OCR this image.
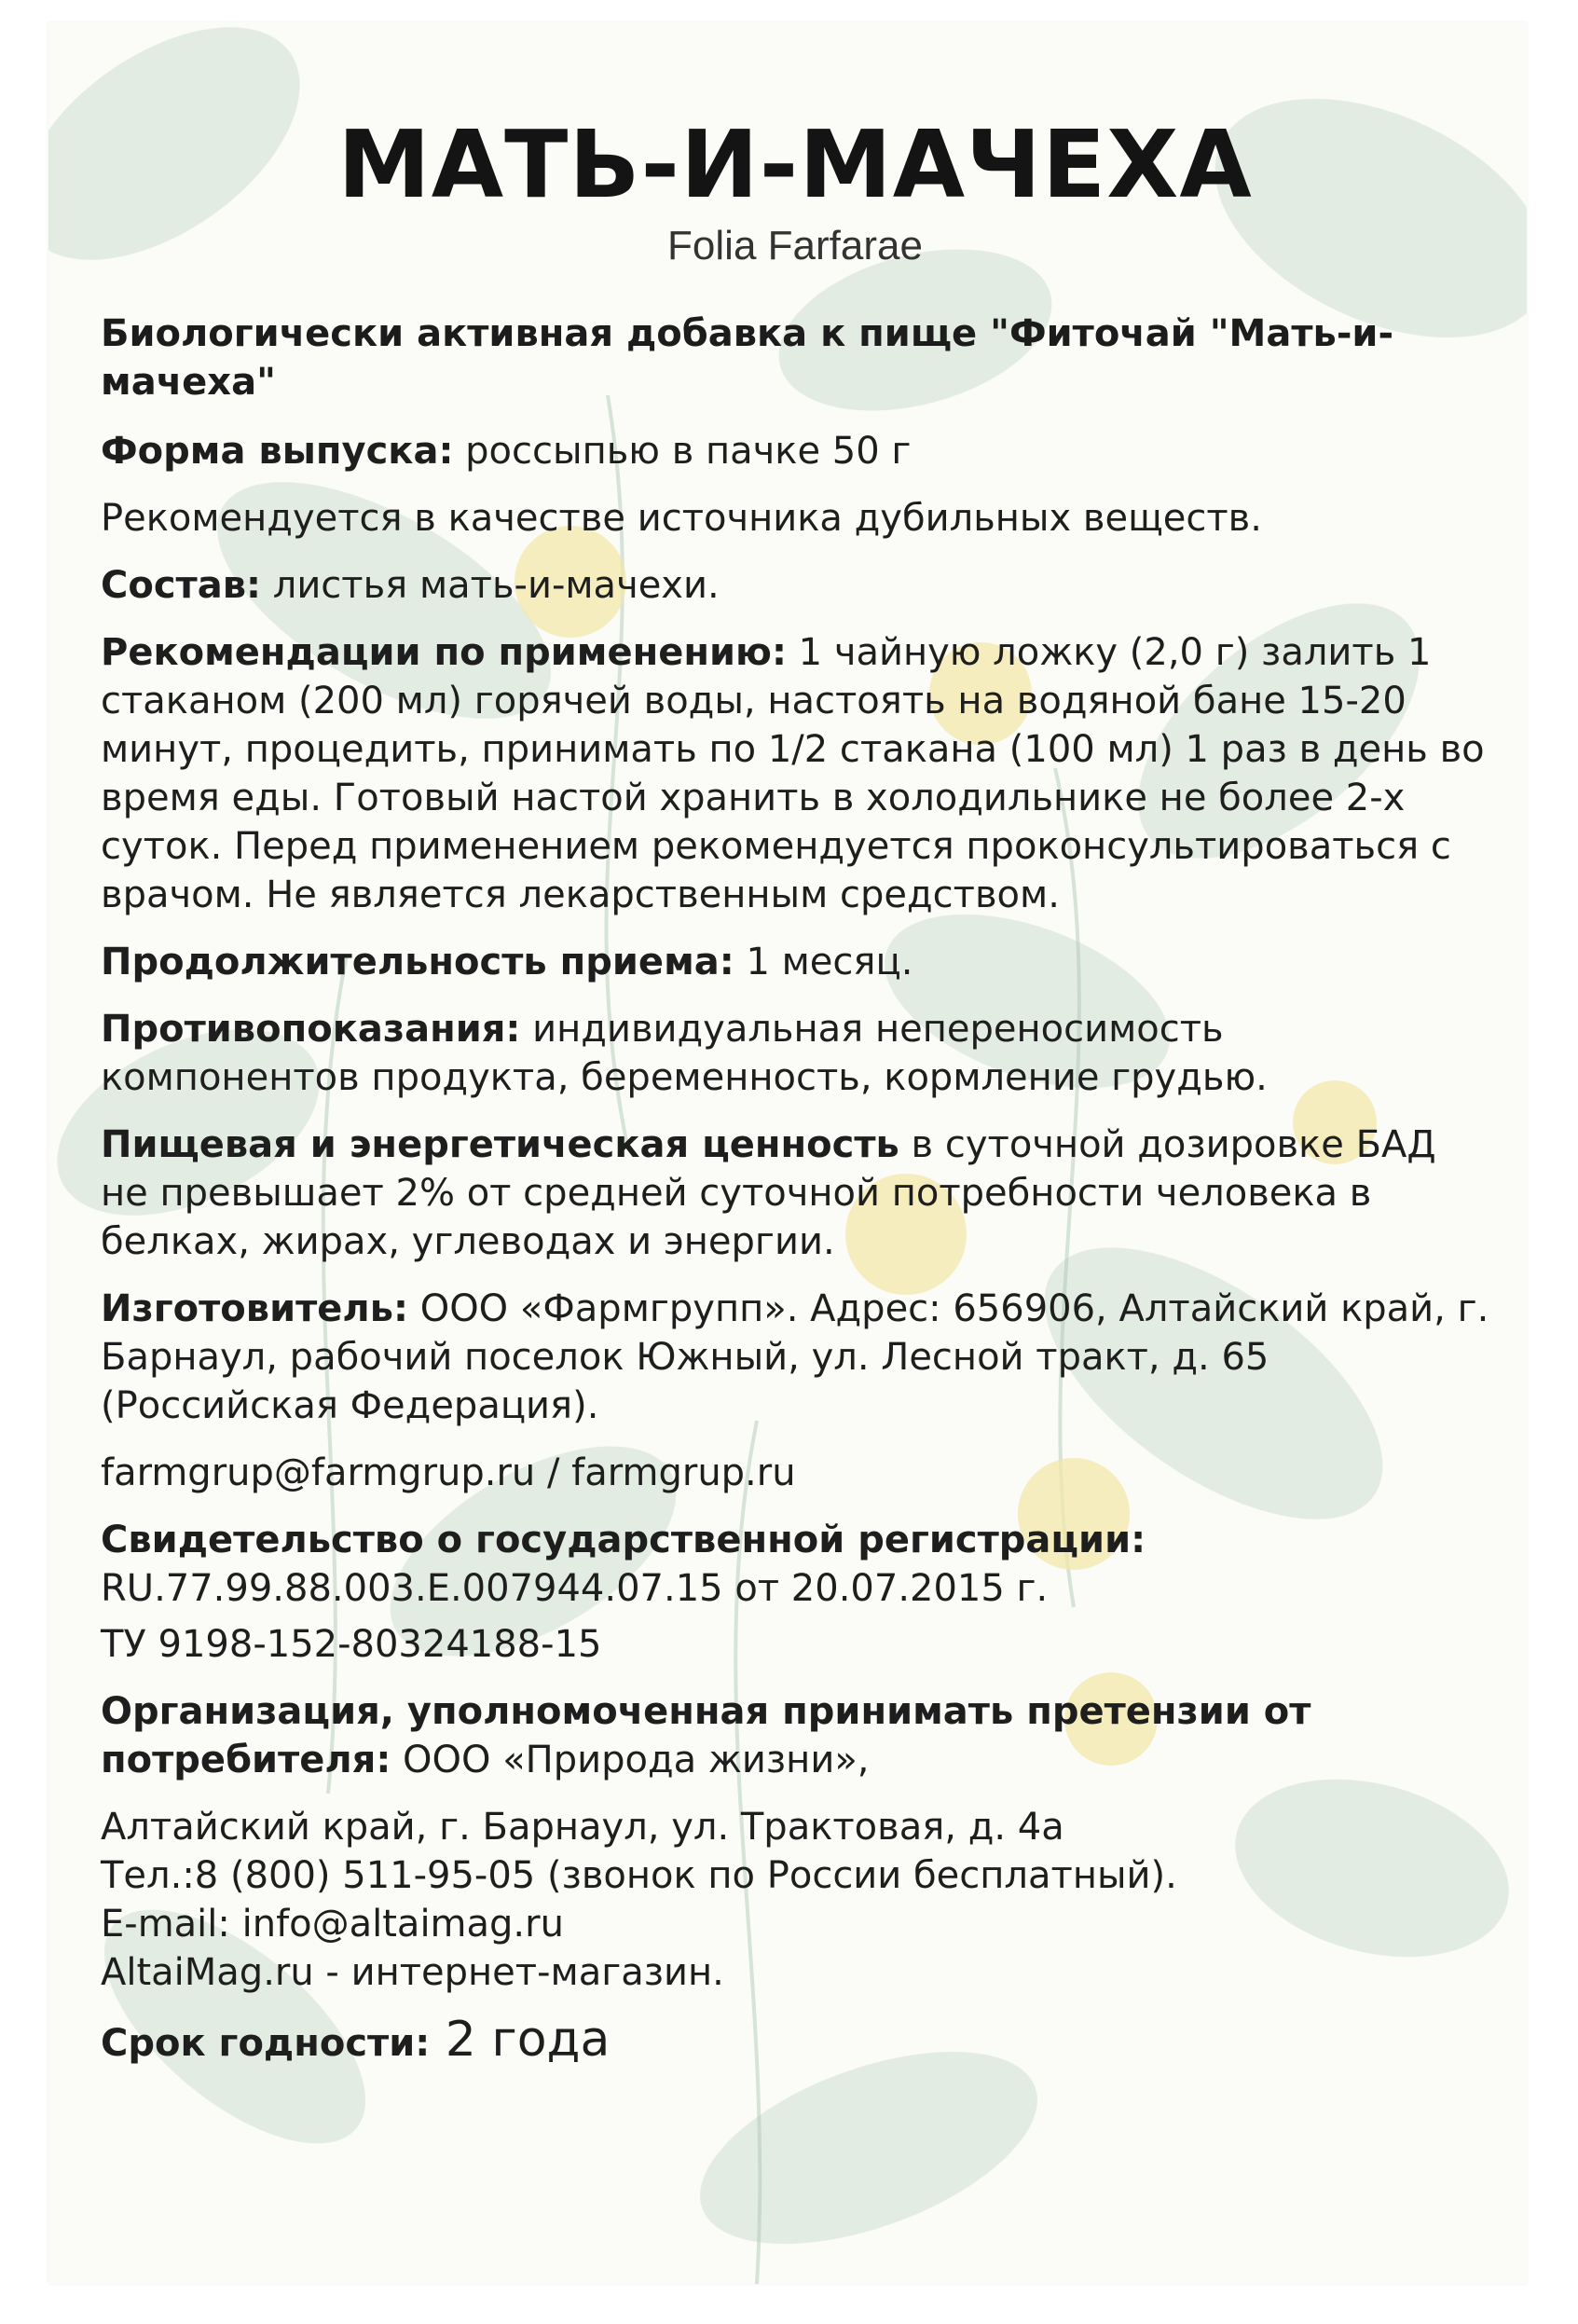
МАТЬ-И-МАЧЕХА
Folia Farfarae
Биологически активная добавка к пище "Фиточай "Мать-и-мачеха"
Форма выпуска: россыпью в пачке 50 г
Рекомендуется в качестве источника дубильных веществ.
Состав: листья мать-и-мачехи.
Рекомендации по применению: 1 чайную ложку (2,0 г) залить 1 стаканом (200 мл) горячей воды, настоять на водяной бане 15-20 минут, процедить, принимать по 1/2 стакана (100 мл) 1 раз в день во время еды. Готовый настой хранить в холодильнике не более 2-х суток. Перед применением рекомендуется проконсультироваться с врачом. Не является лекарственным средством.
Продолжительность приема: 1 месяц.
Противопоказания: индивидуальная непереносимость компонентов продукта, беременность, кормление грудью.
Пищевая и энергетическая ценность в суточной дозировке БАД не превышает 2% от средней суточной потребности человека в белках, жирах, углеводах и энергии.
Изготовитель: ООО «Фармгрупп». Адрес: 656906, Алтайский край, г. Барнаул, рабочий поселок Южный, ул. Лесной тракт, д. 65 (Российская Федерация).
farmgrup@farmgrup.ru / farmgrup.ru
Свидетельство о государственной регистрации:
RU.77.99.88.003.E.007944.07.15 от 20.07.2015 г.
ТУ 9198-152-80324188-15
Организация, уполномоченная принимать претензии от потребителя: ООО «Природа жизни»,
Алтайский край, г. Барнаул, ул. Трактовая, д. 4а
Тел.:8 (800) 511-95-05 (звонок по России бесплатный).
E-mail: info@altaimag.ru
AltaiMag.ru - интернет-магазин.
Срок годности: 2 года
